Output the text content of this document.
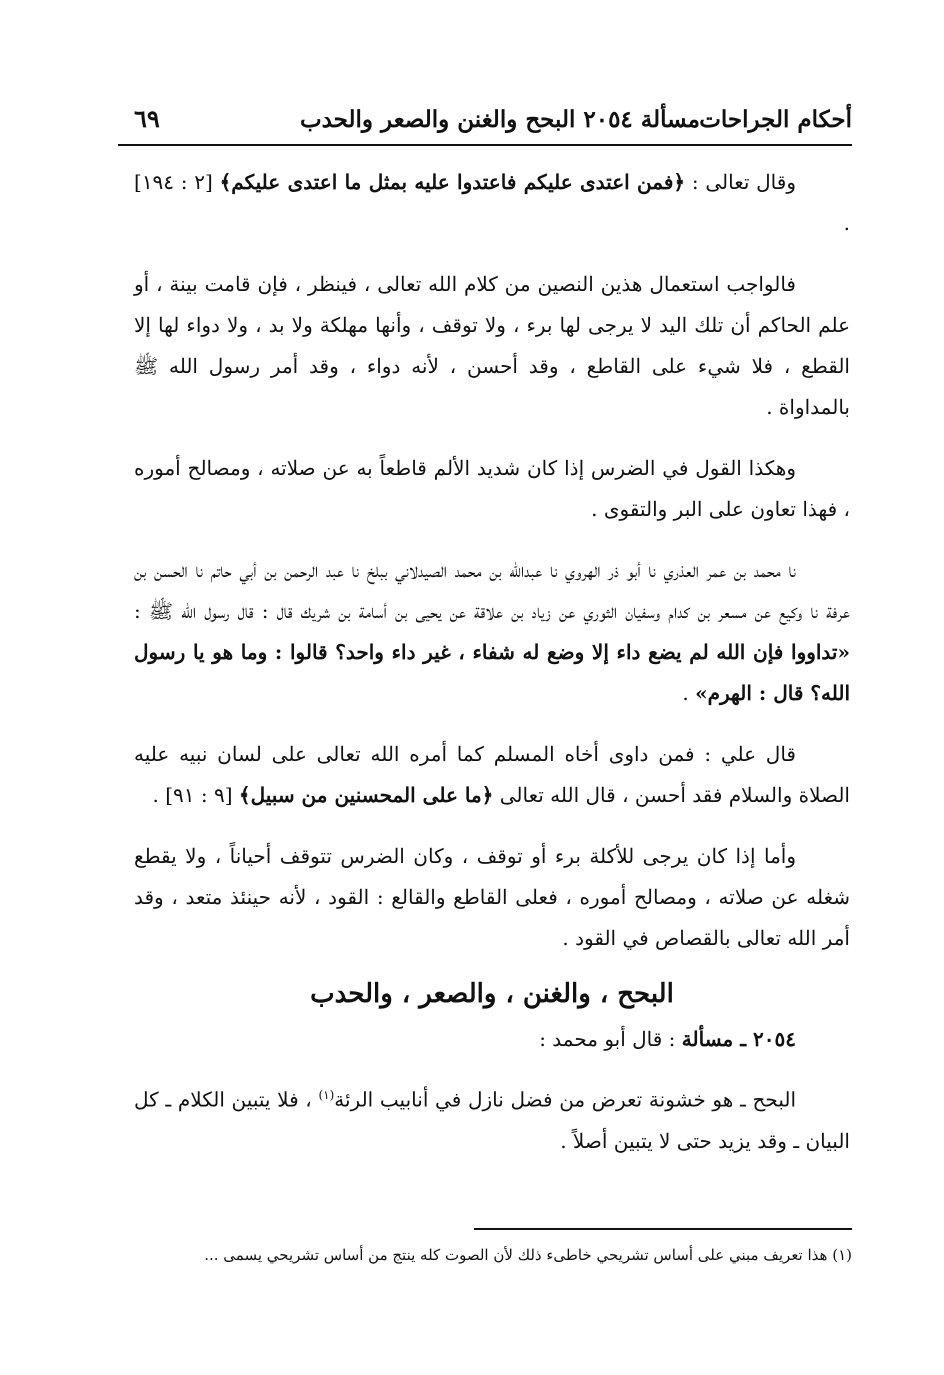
أحكام الجراحات
مسألة ٢٠٥٤ البحح والغنن والصعر والحدب
٦٩

وقال تعالى : ﴿فمن اعتدى عليكم فاعتدوا عليه بمثل ما اعتدى عليكم﴾ [٢ : ١٩٤] .

فالواجب استعمال هذين النصين من كلام الله تعالى ، فينظر ، فإن قامت بينة ، أو علم الحاكم أن تلك اليد لا يرجى لها برء ، ولا توقف ، وأنها مهلكة ولا بد ، ولا دواء لها إلا القطع ، فلا شيء على القاطع ، وقد أحسن ، لأنه دواء ، وقد أمر رسول الله ﷺ بالمداواة .

وهكذا القول في الضرس إذا كان شديد الألم قاطعاً به عن صلاته ، ومصالح أموره ، فهذا تعاون على البر والتقوى .

نا محمد بن عمر العذري نا أبو ذر الهروي نا عبدالله بن محمد الصيدلاني ببلخ نا عبد الرحمن بن أبي حاتم نا الحسن بن عرفة نا وكيع عن مسعر بن كدام وسفيان الثوري عن زياد بن علاقة عن يحيى بن أسامة بن شريك قال : قال رسول الله ﷺ : «تداووا فإن الله لم يضع داء إلا وضع له شفاء ، غير داء واحد؟ قالوا : وما هو يا رسول الله؟ قال : الهرم» .

قال علي : فمن داوى أخاه المسلم كما أمره الله تعالى على لسان نبيه عليه الصلاة والسلام فقد أحسن ، قال الله تعالى ﴿ما على المحسنين من سبيل﴾ [٩ : ٩١] .

وأما إذا كان يرجى للأكلة برء أو توقف ، وكان الضرس تتوقف أحياناً ، ولا يقطع شغله عن صلاته ، ومصالح أموره ، فعلى القاطع والقالع : القود ، لأنه حينئذ متعد ، وقد أمر الله تعالى بالقصاص في القود .

البحح ، والغنن ، والصعر ، والحدب

٢٠٥٤ ـ مسألة : قال أبو محمد :

البحح ـ هو خشونة تعرض من فضل نازل في أنابيب الرئة$^{(١)}$ ، فلا يتبين الكلام ـ كل البيان ـ وقد يزيد حتى لا يتبين أصلاً .

(١) هذا تعريف مبني على أساس تشريحي خاطىء ذلك لأن الصوت كله ينتج من أساس تشريحي يسمى ...
